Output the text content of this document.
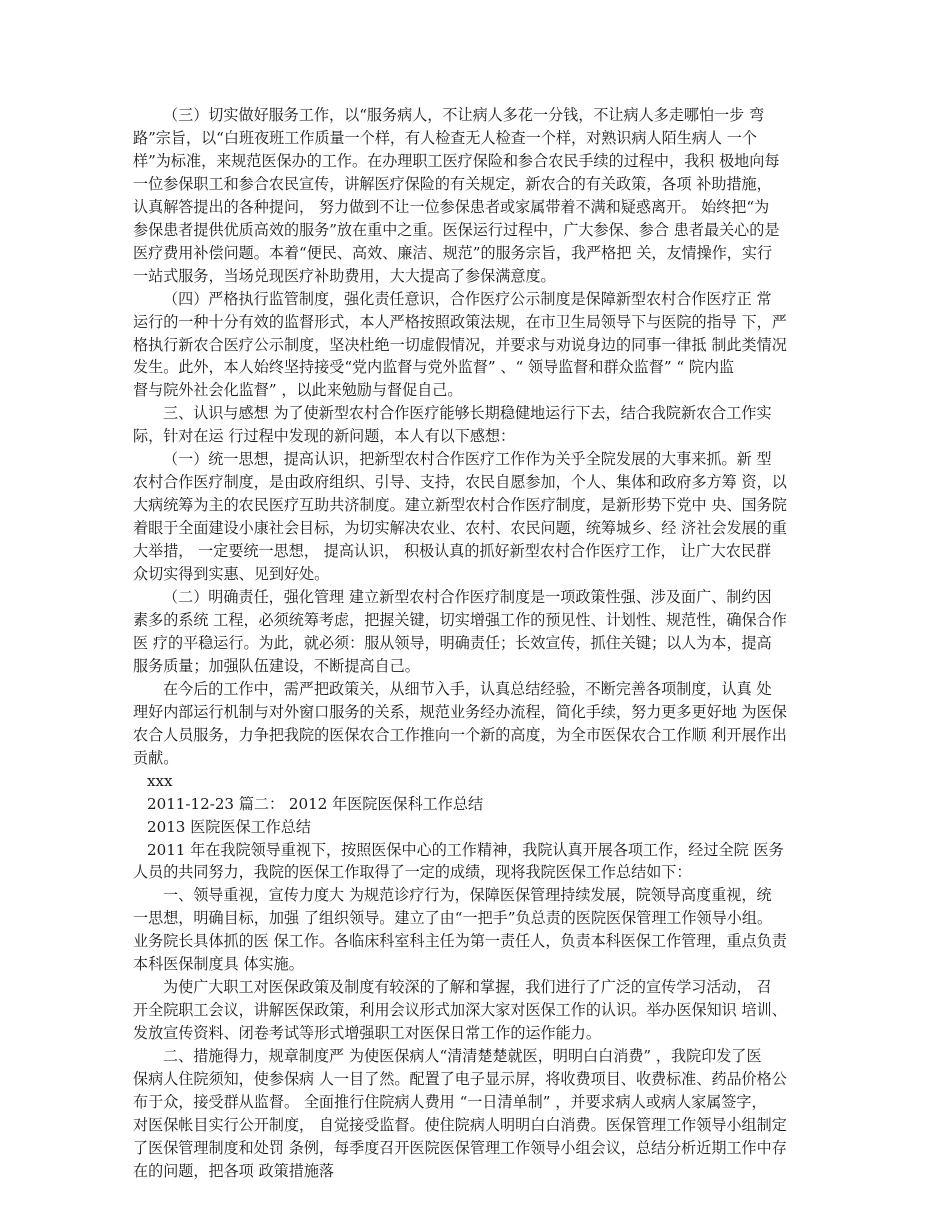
（三）切实做好服务工作，以“服务病人，不让病人多花一分钱，不让病人多走哪怕一步 弯
路”宗旨，以“白班夜班工作质量一个样，有人检查无人检查一个样，对熟识病人陌生病人 一个
样”为标准，来规范医保办的工作。在办理职工医疗保险和参合农民手续的过程中，我积 极地向每
一位参保职工和参合农民宣传，讲解医疗保险的有关规定，新农合的有关政策，各项 补助措施，
认真解答提出的各种提问， 努力做到不让一位参保患者或家属带着不满和疑惑离开。 始终把“为
参保患者提供优质高效的服务”放在重中之重。医保运行过程中，广大参保、参合 患者最关心的是
医疗费用补偿问题。本着“便民、高效、廉洁、规范”的服务宗旨，我严格把 关，友情操作，实行
一站式服务，当场兑现医疗补助费用，大大提高了参保满意度。

（四）严格执行监管制度，强化责任意识，合作医疗公示制度是保障新型农村合作医疗正 常
运行的一种十分有效的监督形式，本人严格按照政策法规，在市卫生局领导下与医院的指导 下，严
格执行新农合医疗公示制度，坚决杜绝一切虚假情况，并要求与劝说身边的同事一律抵 制此类情况
发生。此外，本人始终坚持接受“党内监督与党外监督” 、“ 领导监督和群众监督” “ 院内监
督与院外社会化监督” ，以此来勉励与督促自己。

三、认识与感想 为了使新型农村合作医疗能够长期稳健地运行下去，结合我院新农合工作实
际，针对在运 行过程中发现的新问题，本人有以下感想：

（一）统一思想，提高认识，把新型农村合作医疗工作作为关乎全院发展的大事来抓。新 型
农村合作医疗制度，是由政府组织、引导、支持，农民自愿参加，个人、集体和政府多方筹 资，以
大病统筹为主的农民医疗互助共济制度。建立新型农村合作医疗制度，是新形势下党中 央、国务院
着眼于全面建设小康社会目标，为切实解决农业、农村、农民问题，统筹城乡、经 济社会发展的重
大举措， 一定要统一思想， 提高认识， 积极认真的抓好新型农村合作医疗工作， 让广大农民群
众切实得到实惠、见到好处。

（二）明确责任，强化管理 建立新型农村合作医疗制度是一项政策性强、涉及面广、制约因
素多的系统 工程，必须统筹考虑，把握关键，切实增强工作的预见性、计划性、规范性，确保合作
医 疗的平稳运行。为此，就必须：服从领导，明确责任；长效宣传，抓住关键；以人为本，提高
服务质量；加强队伍建设，不断提高自己。

在今后的工作中，需严把政策关，从细节入手，认真总结经验，不断完善各项制度，认真 处
理好内部运行机制与对外窗口服务的关系，规范业务经办流程，简化手续，努力更多更好地 为医保
农合人员服务，力争把我院的医保农合工作推向一个新的高度，为全市医保农合工作顺 利开展作出
贡献。

xxx

2011-12-23 篇二： 2012 年医院医保科工作总结

2013 医院医保工作总结

2011 年在我院领导重视下，按照医保中心的工作精神，我院认真开展各项工作，经过全院 医务
人员的共同努力，我院的医保工作取得了一定的成绩，现将我院医保工作总结如下：

一、领导重视，宣传力度大 为规范诊疗行为，保障医保管理持续发展，院领导高度重视，统
一思想，明确目标，加强 了组织领导。建立了由“一把手”负总责的医院医保管理工作领导小组。
业务院长具体抓的医 保工作。各临床科室科主任为第一责任人，负责本科医保工作管理，重点负责
本科医保制度具 体实施。

为使广大职工对医保政策及制度有较深的了解和掌握，我们进行了广泛的宣传学习活动， 召
开全院职工会议，讲解医保政策，利用会议形式加深大家对医保工作的认识。举办医保知识 培训、
发放宣传资料、闭卷考试等形式增强职工对医保日常工作的运作能力。

二、措施得力，规章制度严 为使医保病人“清清楚楚就医，明明白白消费” ，我院印发了医
保病人住院须知，使参保病 人一目了然。配置了电子显示屏，将收费项目、收费标准、药品价格公
布于众，接受群从监督。 全面推行住院病人费用 “一日清单制” ，并要求病人或病人家属签字，
对医保帐目实行公开制度， 自觉接受监督。使住院病人明明白白消费。医保管理工作领导小组制定
了医保管理制度和处罚 条例，每季度召开医院医保管理工作领导小组会议，总结分析近期工作中存
在的问题，把各项 政策措施落
